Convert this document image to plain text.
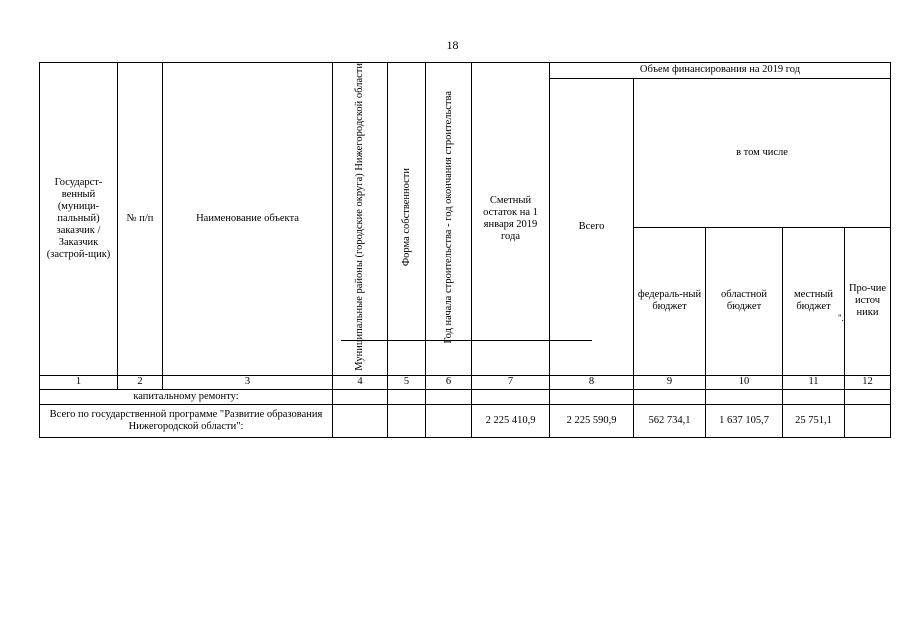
18
Государст-венный (муници-пальный) заказчик / Заказчик (застрой-щик)	№ п/п	Наименование объекта	Муниципальные районы (городские округа) Нижегородской области	Форма собственности	Год начала строительства - год окончания строительства	Сметный остаток на 1 января 2019 года	Объем финансирования на 2019 год				
							Всего	в том числе			
								федераль-ный бюджет	областной бюджет	местный бюджет	Про-чие источ ники
1	2	3	4	5	6	7	8	9	10	11	12
капитальному ремонту:											
Всего по государственной программе "Развитие образования Нижегородской области":						2 225 410,9	2 225 590,9	562 734,1	1 637 105,7	25 751,1	
".
